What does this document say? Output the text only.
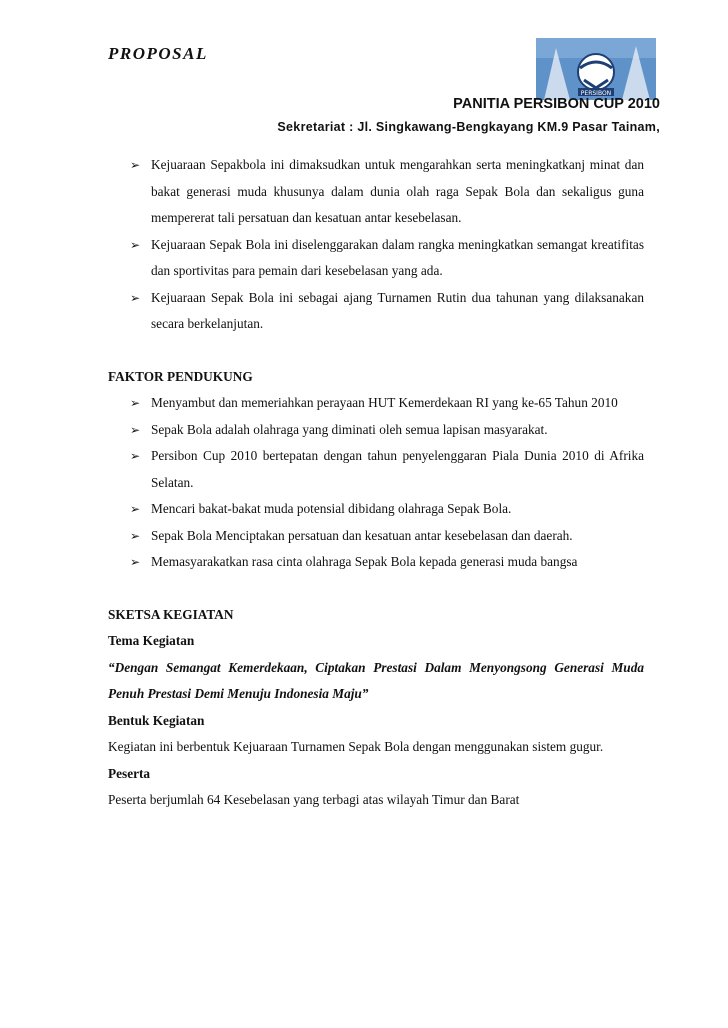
PROPOSAL
PERSIBON
PANITIA PERSIBON CUP 2010
Sekretariat : Jl. Singkawang-Bengkayang KM.9 Pasar Tainam,
➢ Kejuaraan Sepakbola ini dimaksudkan untuk mengarahkan serta meningkatkanj minat dan bakat generasi muda khusunya dalam dunia olah raga Sepak Bola dan sekaligus guna mempererat tali persatuan dan kesatuan antar kesebelasan.
➢ Kejuaraan Sepak Bola ini diselenggarakan dalam rangka meningkatkan semangat kreatifitas dan sportivitas para pemain dari kesebelasan yang ada.
➢ Kejuaraan Sepak Bola ini sebagai ajang Turnamen Rutin dua tahunan yang dilaksanakan secara berkelanjutan.

FAKTOR PENDUKUNG

➢ Menyambut dan memeriahkan perayaan HUT Kemerdekaan RI yang ke-65 Tahun 2010
➢ Sepak Bola adalah olahraga yang diminati oleh semua lapisan masyarakat.
➢ Persibon Cup 2010 bertepatan dengan tahun penyelenggaran Piala Dunia 2010 di Afrika Selatan.
➢ Mencari bakat-bakat muda potensial dibidang olahraga Sepak Bola.
➢ Sepak Bola Menciptakan persatuan dan kesatuan antar kesebelasan dan daerah.
➢ Memasyarakatkan rasa cinta olahraga Sepak Bola kepada generasi muda bangsa

SKETSA KEGIATAN

Tema Kegiatan

“Dengan Semangat Kemerdekaan, Ciptakan Prestasi Dalam Menyongsong Generasi Muda Penuh Prestasi Demi Menuju Indonesia Maju”

Bentuk Kegiatan

Kegiatan ini berbentuk Kejuaraan Turnamen Sepak Bola dengan menggunakan sistem gugur.

Peserta

Peserta berjumlah 64 Kesebelasan yang terbagi atas wilayah Timur dan Barat
